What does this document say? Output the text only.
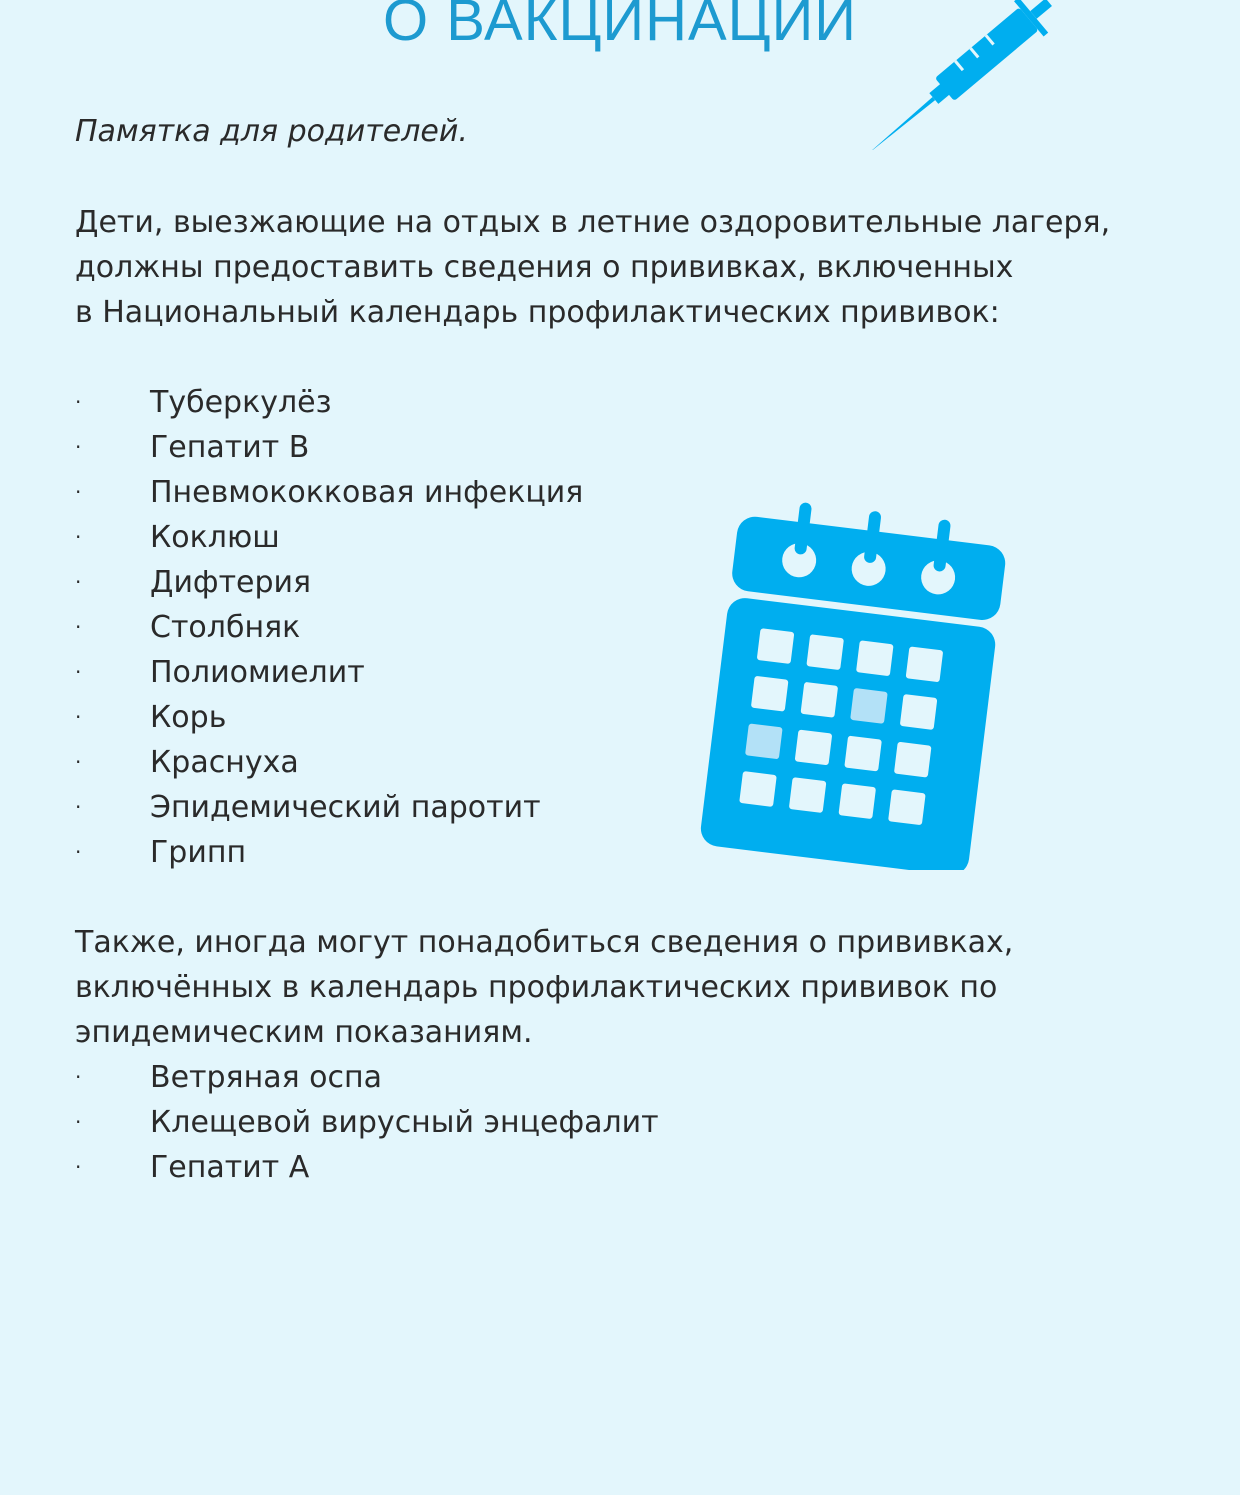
О ВАКЦИНАЦИИ
Памятка для родителей.
Дети, выезжающие на отдых в летние оздоровительные лагеря,
должны предоставить сведения о прививках, включенных
в Национальный календарь профилактических прививок:
· Туберкулёз
· Гепатит В
· Пневмококковая инфекция
· Коклюш
· Дифтерия
· Столбняк
· Полиомиелит
· Корь
· Краснуха
· Эпидемический паротит
· Грипп
Также, иногда могут понадобиться сведения о прививках,
включённых в календарь профилактических прививок по
эпидемическим показаниям.
· Ветряная оспа
· Клещевой вирусный энцефалит
· Гепатит А
